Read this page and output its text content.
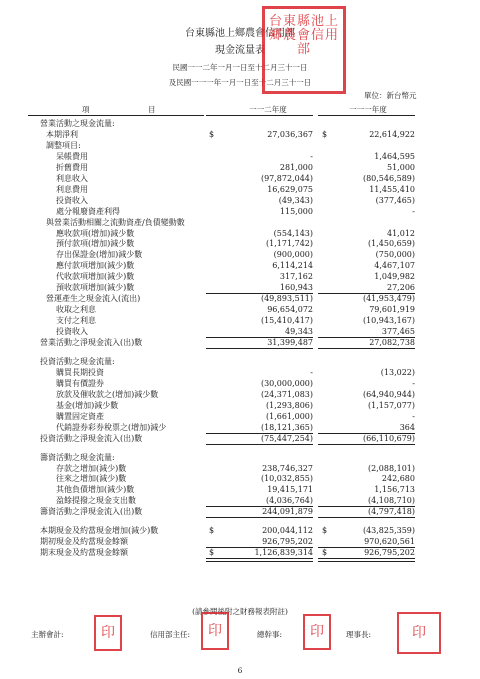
台東縣池上鄉農會信用部
現金流量表
民國一一二年一月一日至十二月三十一日
及民國一一一年一月一日至十二月三十一日
單位：新台幣元
項	目	一一二年度	一一一年度
營業活動之現金流量:
本期淨利	$	27,036,367 $	22,614,922
調整項目:
呆帳費用	-	1,464,595
折舊費用	281,000	51,000
利息收入	(97,872,044)	(80,546,589)
利息費用	16,629,075	11,455,410
投資收入	(49,343)	(377,465)
處分報廢資產利得	115,000	-
與營業活動相關之流動資產/負債變動數
應收款項(增加)減少數	(554,143)	41,012
預付款項(增加)減少數	(1,171,742)	(1,450,659)
存出保證金(增加)減少數	(900,000)	(750,000)
應付款項增加(減少)數	6,114,214	4,467,107
代收款項增加(減少)數	317,162	1,049,982
預收款項增加(減少)數	160,943	27,206
營運產生之現金流入(流出)	(49,893,511)	(41,953,479)
收取之利息	96,654,072	79,601,919
支付之利息	(15,410,417)	(10,943,167)
投資收入	49,343	377,465
營業活動之淨現金流入(出)數	31,399,487	27,082,738
投資活動之現金流量:
購買長期投資	-	(13,022)
購買有價證券	(30,000,000)	-
放款及催收款之(增加)減少數	(24,371,083)	(64,940,944)
基金(增加)減少數	(1,293,806)	(1,157,077)
購置固定資產	(1,661,000)	-
代銷證券彩券稅票之(增加)減少	(18,121,365)	364
投資活動之淨現金流入(出)數	(75,447,254)	(66,110,679)
籌資活動之現金流量:
存款之增加(減少)數	238,746,327	(2,088,101)
往來之增加(減少)數	(10,032,855)	242,680
其他負債增加(減少)數	19,415,171	1,156,713
盈餘提撥之現金支出數	(4,036,764)	(4,108,710)
籌資活動之淨現金流入(出)數	244,091,879	(4,797,418)
本期現金及約當現金增加(減少)數	$	200,044,112 $	(43,825,359)
期初現金及約當現金餘額	926,795,202	970,620,561
期末現金及約當現金餘額	$	1,126,839,314 $	926,795,202
(請參閱後附之財務報表附註)
主辦會計:	信用部主任:	總幹事:	理事長:
6
台東縣池上鄉農會信用部
印	印	印	印
